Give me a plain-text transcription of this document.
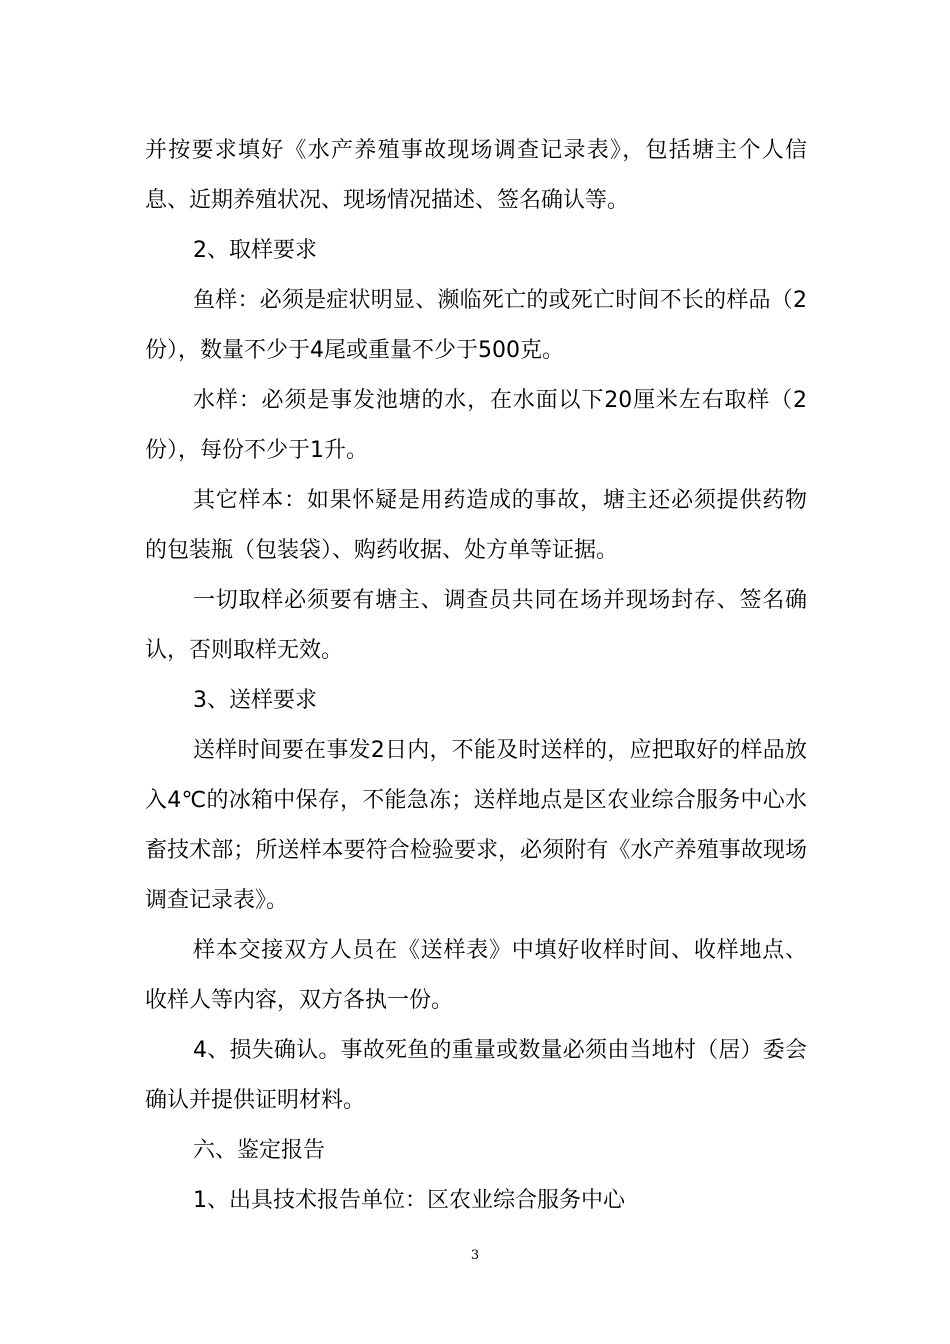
并按要求填好《水产养殖事故现场调查记录表》，包括塘主个人信息、近期养殖状况、现场情况描述、签名确认等。

2、取样要求

鱼样：必须是症状明显、濒临死亡的或死亡时间不长的样品（2份），数量不少于4尾或重量不少于500克。

水样：必须是事发池塘的水，在水面以下20厘米左右取样（2份），每份不少于1升。

其它样本：如果怀疑是用药造成的事故，塘主还必须提供药物的包装瓶（包装袋）、购药收据、处方单等证据。

一切取样必须要有塘主、调查员共同在场并现场封存、签名确认，否则取样无效。

3、送样要求

送样时间要在事发2日内，不能及时送样的，应把取好的样品放入4℃的冰箱中保存，不能急冻；送样地点是区农业综合服务中心水畜技术部；所送样本要符合检验要求，必须附有《水产养殖事故现场调查记录表》。

样本交接双方人员在《送样表》中填好收样时间、收样地点、收样人等内容，双方各执一份。

4、损失确认。事故死鱼的重量或数量必须由当地村（居）委会确认并提供证明材料。

六、鉴定报告

1、出具技术报告单位：区农业综合服务中心

3
